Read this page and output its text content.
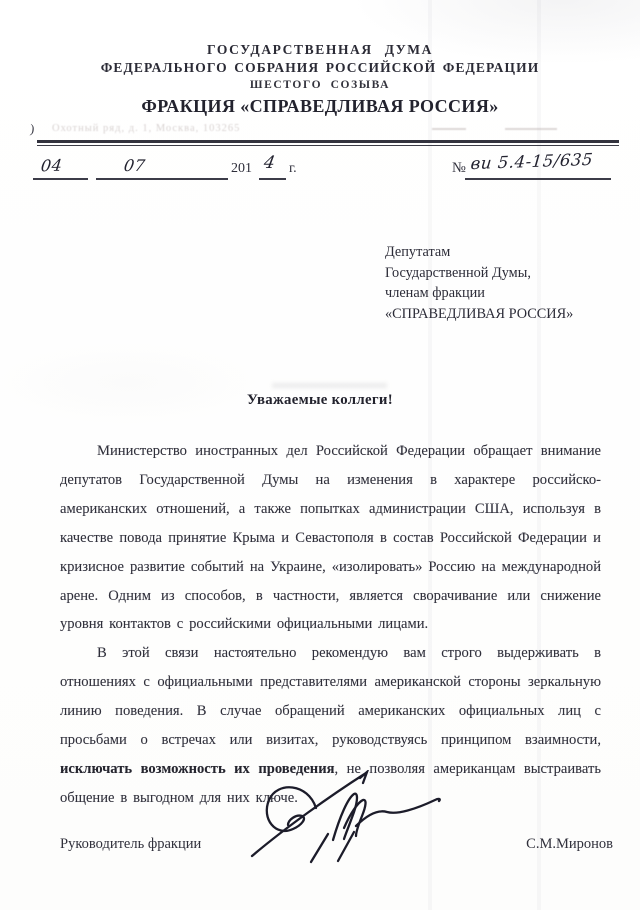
ГОСУДАРСТВЕННАЯ ДУМА
ФЕДЕРАЛЬНОГО СОБРАНИЯ РОССИЙСКОЙ ФЕДЕРАЦИИ
ШЕСТОГО СОЗЫВА
ФРАКЦИЯ «СПРАВЕДЛИВАЯ РОССИЯ»
) Охотный ряд, д. 1, Москва, 103265
04	07	201 4 г.	№ ви 5.4-15/635
Депутатам
Государственной Думы,
членам фракции
«СПРАВЕДЛИВАЯ РОССИЯ»
Уважаемые коллеги!

Министерство иностранных дел Российской Федерации обращает внимание депутатов Государственной Думы на изменения в характере российско-американских отношений, а также попытках администрации США, используя в качестве повода принятие Крыма и Севастополя в состав Российской Федерации и кризисное развитие событий на Украине, «изолировать» Россию на международной арене. Одним из способов, в частности, является сворачивание или снижение уровня контактов с российскими официальными лицами.

В этой связи настоятельно рекомендую вам строго выдерживать в отношениях с официальными представителями американской стороны зеркальную линию поведения. В случае обращений американских официальных лиц с просьбами о встречах или визитах, руководствуясь принципом взаимности, исключать возможность их проведения, не позволяя американцам выстраивать общение в выгодном для них ключе.

Руководитель фракции	С.М.Миронов
